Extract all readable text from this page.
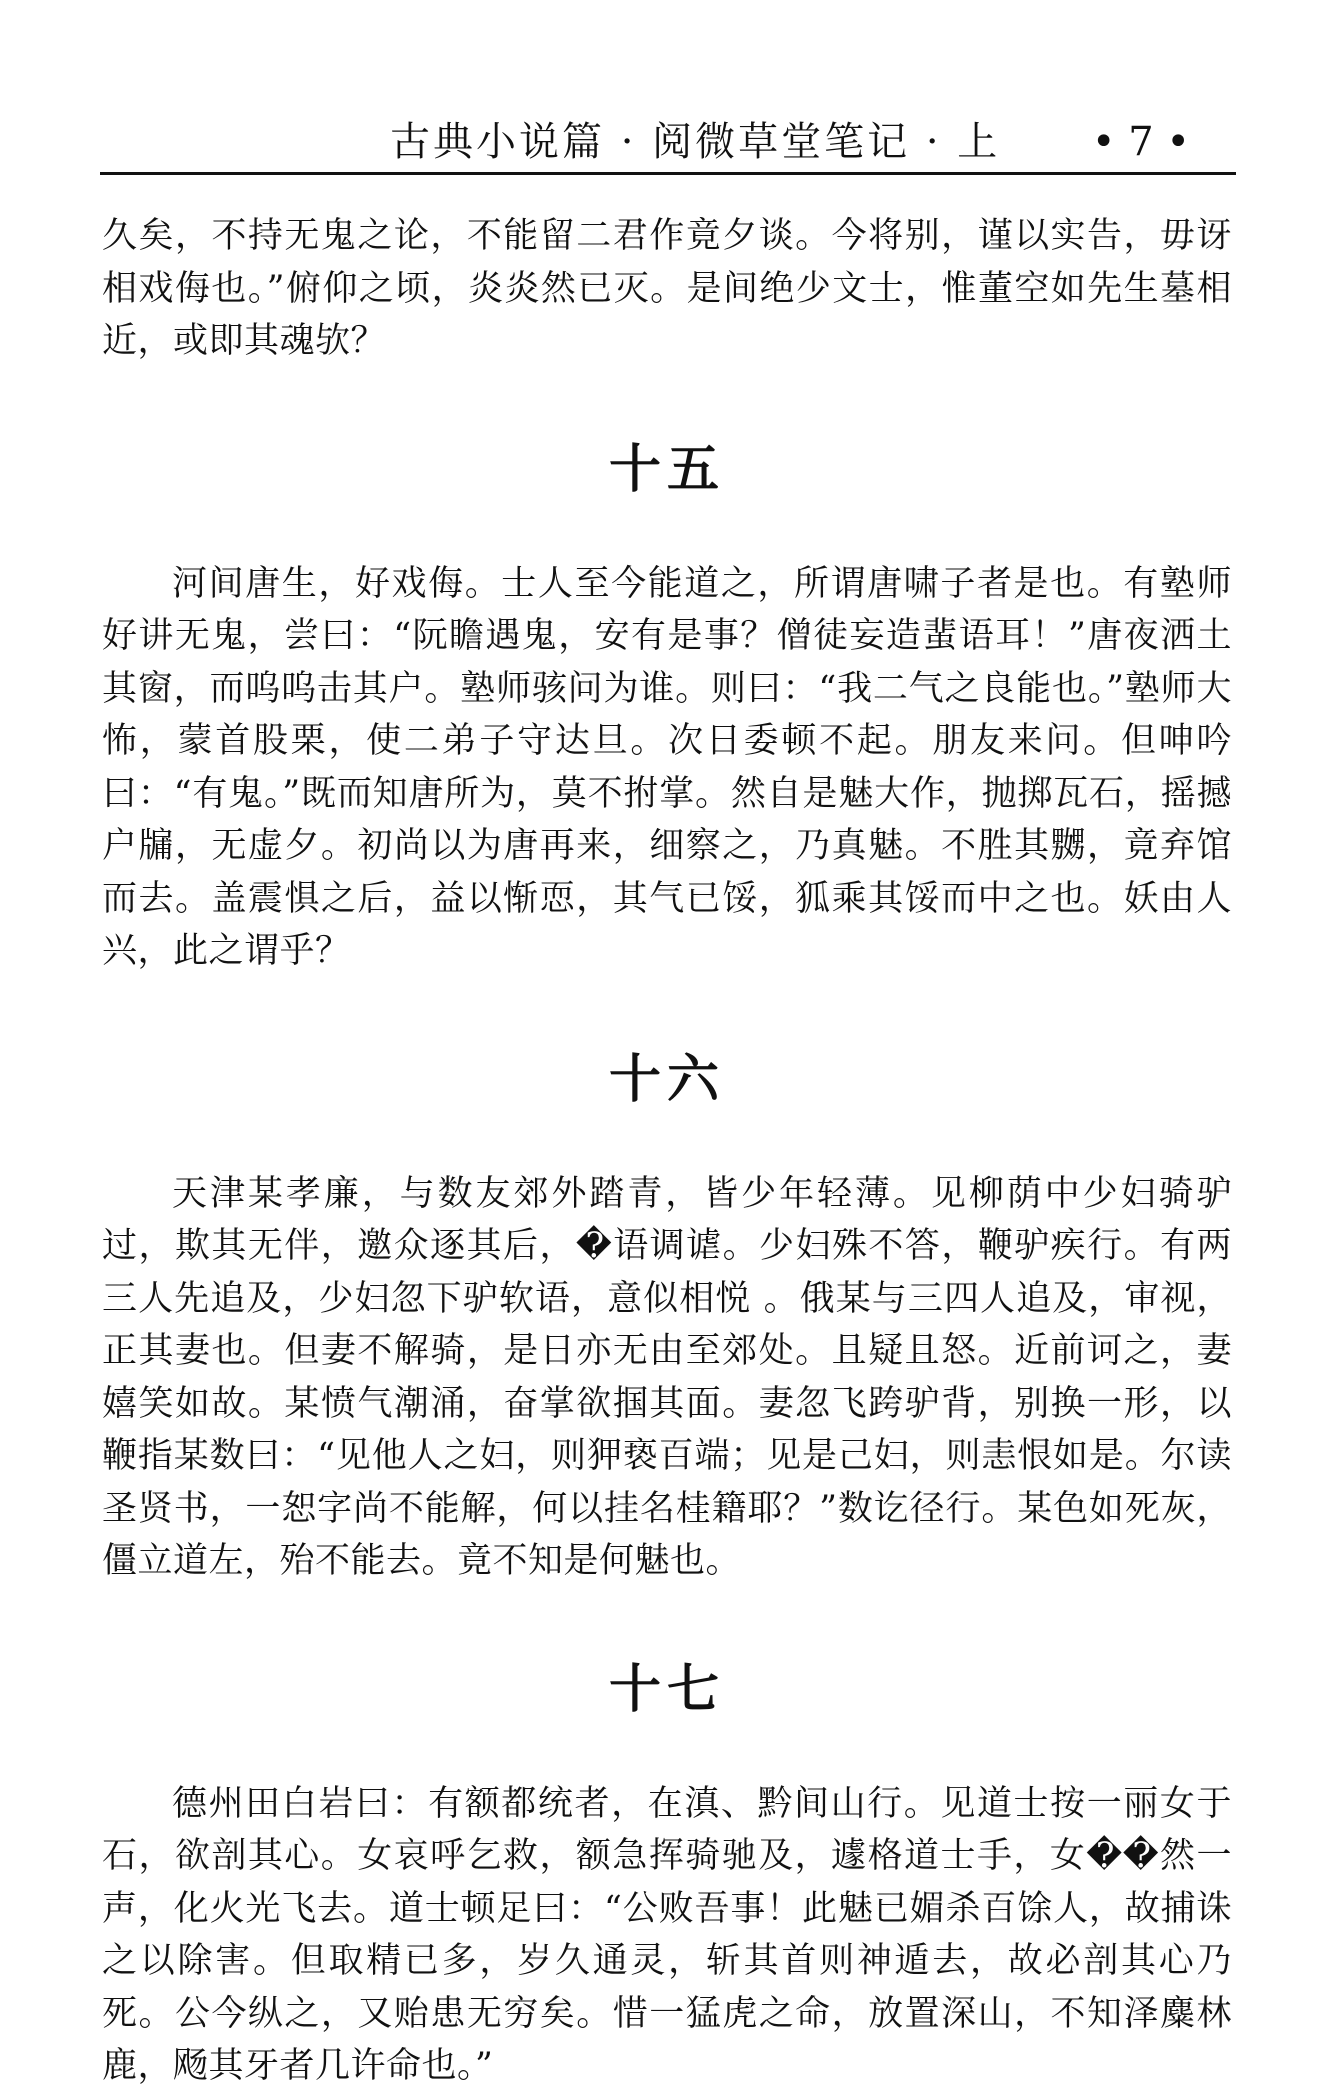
古典小说篇 · 阅微草堂笔记 · 上 • 7 •

久矣，不持无鬼之论，不能留二君作竟夕谈。今将别，谨以实告，毋讶相戏侮也。”俯仰之顷，炎炎然已灭。是间绝少文士，惟董空如先生墓相近，或即其魂欤？

十五

河间唐生，好戏侮。士人至今能道之，所谓唐啸子者是也。有塾师好讲无鬼，尝曰：“阮瞻遇鬼，安有是事？僧徒妄造蜚语耳！”唐夜洒土其窗，而呜呜击其户。塾师骇问为谁。则曰：“我二气之良能也。”塾师大怖，蒙首股栗，使二弟子守达旦。次日委顿不起。朋友来问。但呻吟曰：“有鬼。”既而知唐所为，莫不拊掌。然自是魅大作，抛掷瓦石，摇撼户牖，无虚夕。初尚以为唐再来，细察之，乃真魅。不胜其嬲，竟弃馆而去。盖震惧之后，益以惭恧，其气已馁，狐乘其馁而中之也。妖由人兴，此之谓乎？

十六

天津某孝廉，与数友郊外踏青，皆少年轻薄。见柳荫中少妇骑驴过，欺其无伴，邀众逐其后，�语调谑。少妇殊不答，鞭驴疾行。有两三人先追及，少妇忽下驴软语，意似相悦 。俄某与三四人追及，审视，正其妻也。但妻不解骑，是日亦无由至郊处。且疑且怒。近前诃之，妻嬉笑如故。某愤气潮涌，奋掌欲掴其面。妻忽飞跨驴背，别换一形，以鞭指某数曰：“见他人之妇，则狎亵百端；见是己妇，则恚恨如是。尔读圣贤书，一恕字尚不能解，何以挂名桂籍耶？”数讫径行。某色如死灰，僵立道左，殆不能去。竟不知是何魅也。

十七

德州田白岩曰：有额都统者，在滇、黔间山行。见道士按一丽女于石，欲剖其心。女哀呼乞救，额急挥骑驰及，遽格道士手，女��然一声，化火光飞去。道士顿足曰：“公败吾事！此魅已媚杀百馀人，故捕诛之以除害。但取精已多，岁久通灵，斩其首则神遁去，故必剖其心乃死。公今纵之，又贻患无穷矣。惜一猛虎之命，放置深山，不知泽麋林鹿，飏其牙者几许命也。”
